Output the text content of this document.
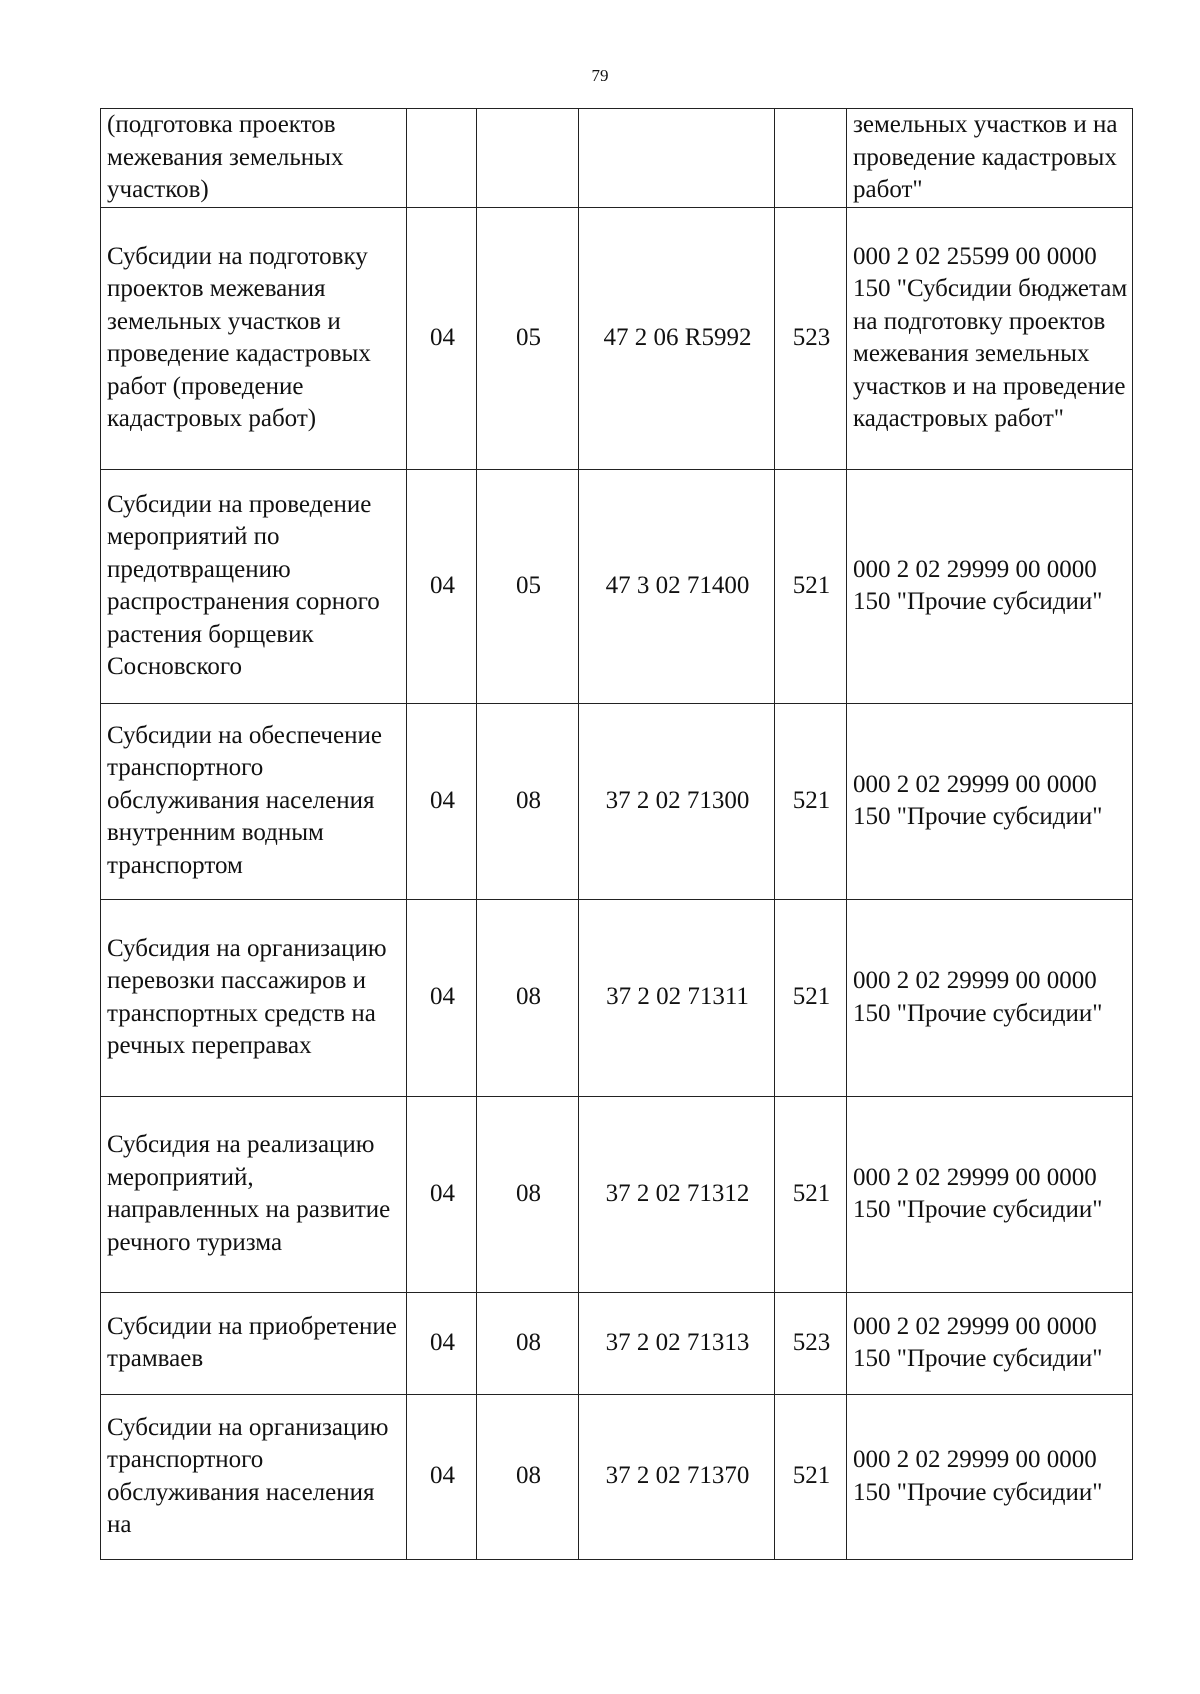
79
(подготовка проектов межевания земельных участков)					земельных участков и на проведение кадастровых работ"
Субсидии на подготовку проектов межевания земельных участков и проведение кадастровых работ (проведение кадастровых работ)	04	05	47 2 06 R5992	523	000 2 02 25599 00 0000 150 "Субсидии бюджетам на подготовку проектов межевания земельных участков и на проведение кадастровых работ"
Субсидии на проведение мероприятий по предотвращению распространения сорного растения борщевик Сосновского	04	05	47 3 02 71400	521	000 2 02 29999 00 0000 150 "Прочие субсидии"
Субсидии на обеспечение транспортного обслуживания населения внутренним водным транспортом	04	08	37 2 02 71300	521	000 2 02 29999 00 0000 150 "Прочие субсидии"
Субсидия на организацию перевозки пассажиров и транспортных средств на речных переправах	04	08	37 2 02 71311	521	000 2 02 29999 00 0000 150 "Прочие субсидии"
Субсидия на реализацию мероприятий, направленных на развитие речного туризма	04	08	37 2 02 71312	521	000 2 02 29999 00 0000 150 "Прочие субсидии"
Субсидии на приобретение трамваев	04	08	37 2 02 71313	523	000 2 02 29999 00 0000 150 "Прочие субсидии"
Субсидии на организацию транспортного обслуживания населения на	04	08	37 2 02 71370	521	000 2 02 29999 00 0000 150 "Прочие субсидии"
